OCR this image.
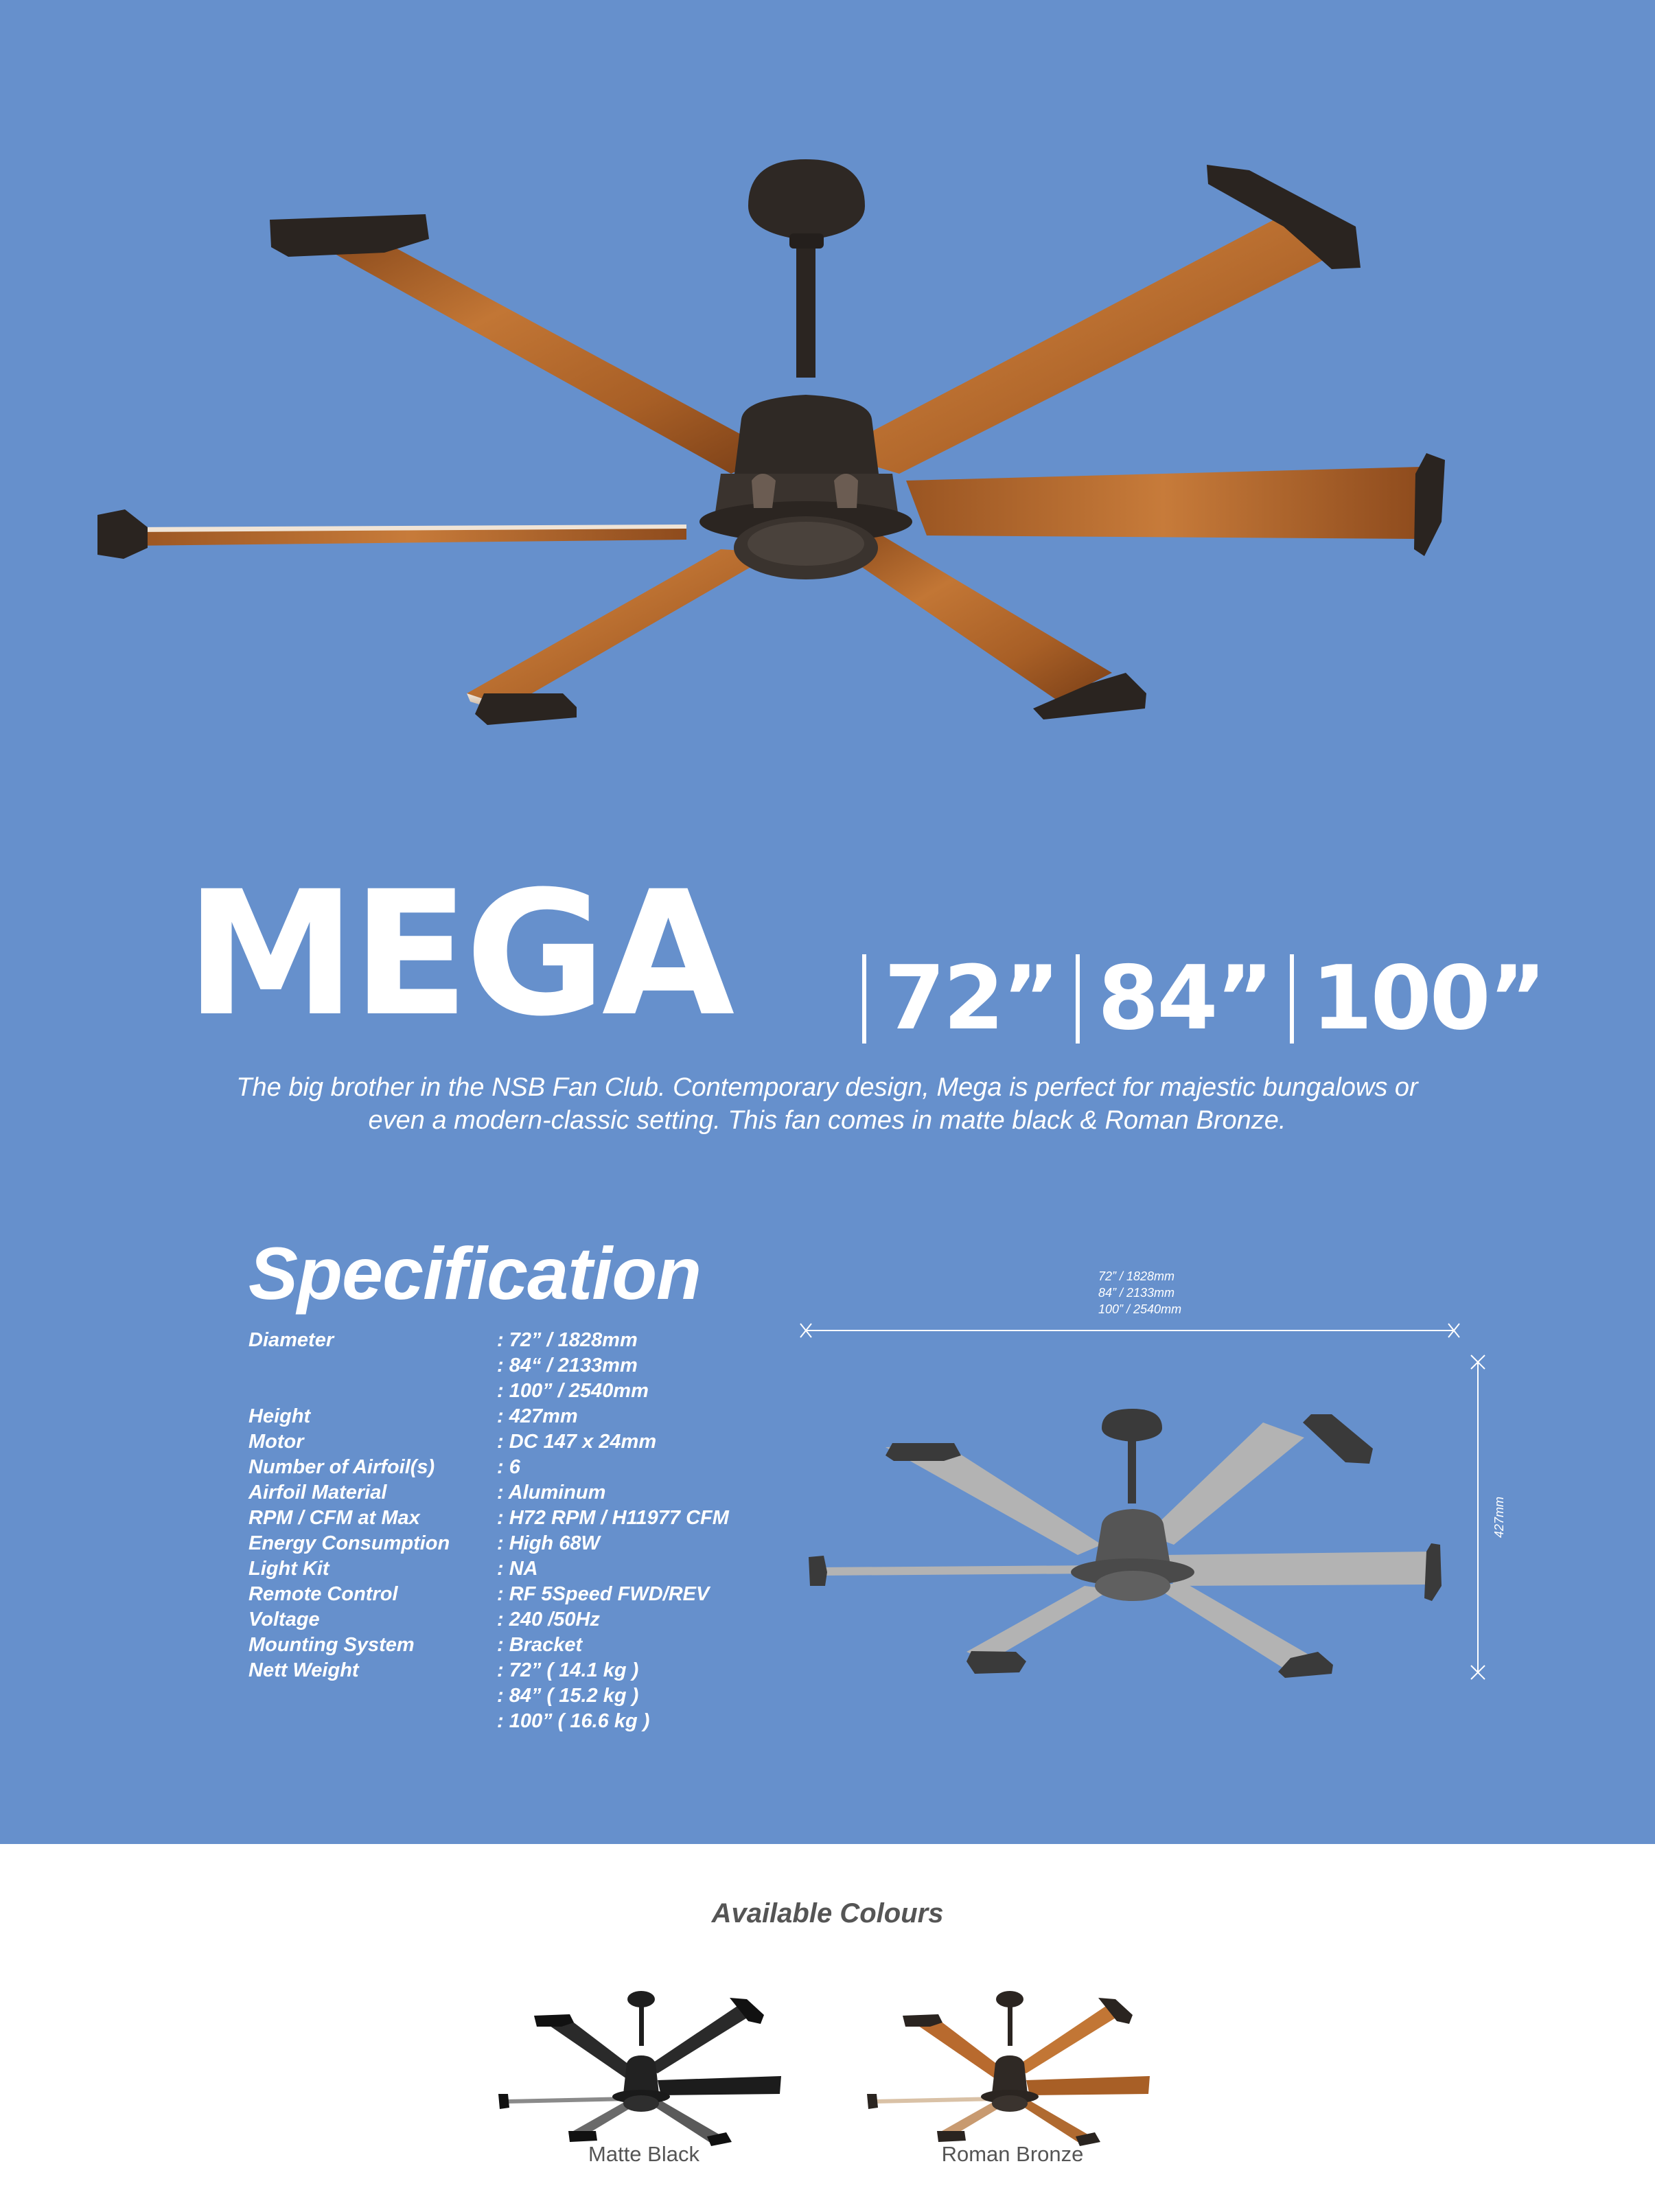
MEGA 72” 84” 100”
The big brother in the NSB Fan Club. Contemporary design, Mega is perfect for majestic bungalows or even a modern-classic setting. This fan comes in matte black & Roman Bronze.
Specification
Diameter	: 72” / 1828mm
: 84“ / 2133mm
: 100” / 2540mm
Height	: 427mm
Motor	: DC 147 x 24mm
Number of Airfoil(s)	: 6
Airfoil Material	: Aluminum
RPM / CFM at Max	: H72 RPM / H11977 CFM
Energy Consumption	: High 68W
Light Kit	: NA
Remote Control	: RF 5Speed FWD/REV
Voltage	: 240 /50Hz
Mounting System	: Bracket
Nett Weight	: 72” ( 14.1 kg )
: 84” ( 15.2 kg )
: 100” ( 16.6 kg )
72” / 1828mm
84” / 2133mm
100” / 2540mm
427mm
Available Colours
Matte Black	Roman Bronze
